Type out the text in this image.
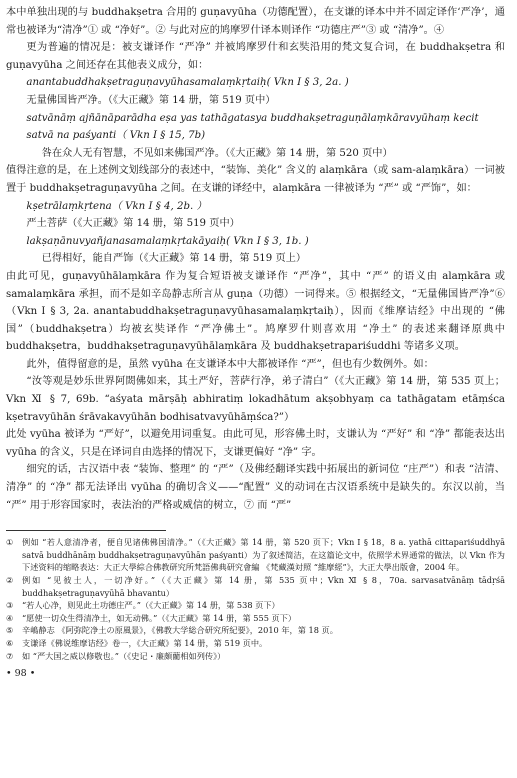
本中单独出现的与 buddhakṣetra 合用的 guṇavyūha（功德配置），在支谦的译本中并不固定译作‘严净’，通常也被译为“清净”① 或 “净好”。② 与此对应的鸠摩罗什译本则译作 “功德庄严”③ 或 “清净”。④

更为普遍的情况是：被支谦译作 “严净” 并被鸠摩罗什和玄奘沿用的梵文复合词，在 buddhakṣetra 和 guṇavyūha 之间还存在其他表义成分，如：

anantabuddhakṣetraguṇavyūhasamalaṃkṛtaiḥ( Vkn Ⅰ § 3, 2a. )

无量佛国皆严净。（《大正藏》第 14 册，第 519 页中）

satvānāṃ ajñānāparādha eṣa yas tathāgatasya buddhakṣetraguṇālaṃkāravyūhaṃ kecit satvā na paśyanti（ Vkn Ⅰ § 15, 7b)

咎在众人无有智慧，不见如来佛国严净。（《大正藏》第 14 册，第 520 页中）

值得注意的是，在上述例文划线部分的表述中，“装饰、美化” 含义的 alaṃkāra（或 sam-alaṃkāra）一词被置于 buddhakṣetraguṇavyūha 之间。在支谦的译经中，alaṃkāra 一律被译为 “严” 或 “严饰”，如：

kṣetrālaṃkṛtena（ Vkn Ⅰ § 4, 2b. ）

严土菩萨（《大正藏》第 14 册，第 519 页中）

lakṣaṇānuvyañjanasamalaṃkṛtakāyaiḥ( Vkn Ⅰ § 3, 1b. )

已得相好，能自严饰（《大正藏》第 14 册，第 519 页上）

由此可见，guṇavyūhālaṃkāra 作为复合短语被支谦译作 “严净”，其中 “严” 的语义由 alaṃkāra 或 samalaṃkāra 承担，而不是如辛岛静志所言从 guṇa（功德）一词得来。⑤ 根据经文，“无量佛国皆严净”⑥（Vkn Ⅰ § 3, 2a. anantabuddhakṣetraguṇavyūhasamalaṃkṛtaiḥ），因而《维摩诘经》中出现的 “佛国”（buddhakṣetra）均被玄奘译作 “严净佛土”。鸠摩罗什则喜欢用 “净土” 的表述来翻译原典中 buddhakṣetra，buddhakṣetraguṇavyūhālaṃkāra 及 buddhakṣetrapariśuddhi 等诸多义项。

此外，值得留意的是，虽然 vyūha 在支谦译本中大都被译作 “严”，但也有少数例外。如：

“汝等观是妙乐世界阿閦佛如来，其土严好，菩萨行净，弟子清白”（《大正藏》第 14 册，第 535 页上；Vkn Ⅺ § 7, 69b. “aśyata mārṣāḥ abhiratiṃ lokadhātum akṣobhyaṃ ca tathāgatam etāṃśca kṣetravyūhān śrāvakavyūhān bodhisatvavyūhāṃśca?”）

此处 vyūha 被译为 “严好”，以避免用词重复。由此可见，形容佛土时，支谦认为 “严好” 和 “净” 都能表达出 vyūha 的含义，只是在译词自由选择的情况下，支谦更偏好 “净” 字。

细究的话，古汉语中表 “装饰、整理” 的 “严”（及佛经翻译实践中拓展出的新词位 “庄严”）和表 “洁清、清净” 的 “净” 都无法译出 vyūha 的确切含义——“配置” 义的动词在古汉语系统中是缺失的。东汉以前，当 “严” 用于形容国家时，表法治的严格或威信的树立，⑦ 而 “严”

①	例如 “若人意清净者，便自见诸佛佛国清净。”（《大正藏》第 14 册，第 520 页下；Vkn Ⅰ § 18，8 a. yathā cittapariśuddhyā satvā buddhānāṃ buddhakṣetraguṇavyūhān paśyanti）为了叙述简洁，在这篇论文中，依照学术界通常的做法，以 Vkn 作为下述资料的缩略表达：大正大學綜合佛教研究所梵語佛典研究會編 《梵藏漢対照 “維摩經”》，大正大學出版會，2004 年。
②	例如 “见彼土人，一切净好。”（《大正藏》第 14 册，第 535 页中；Vkn Ⅺ § 8，70a. sarvasatvānāṃ tādṛśā buddhakṣetraguṇavyūhā bhavantu）
③	“若人心净，则见此土功德庄严。”（《大正藏》第 14 册，第 538 页下）
④	“愿使一切众生得清净土，如无动佛。”（《大正藏》第 14 册，第 555 页下）
⑤	辛嶋静志 《阿弥陀净土の原風景》，《佛教大学総合研究所紀要》，2010 年，第 18 页。
⑥	支谦译《佛说维摩诘经》卷一，《大正藏》第 14 册，第 519 页中。
⑦	如 “严大国之威以修敬也。”（《史记・廉頗藺相如列传》）
• 98 •
